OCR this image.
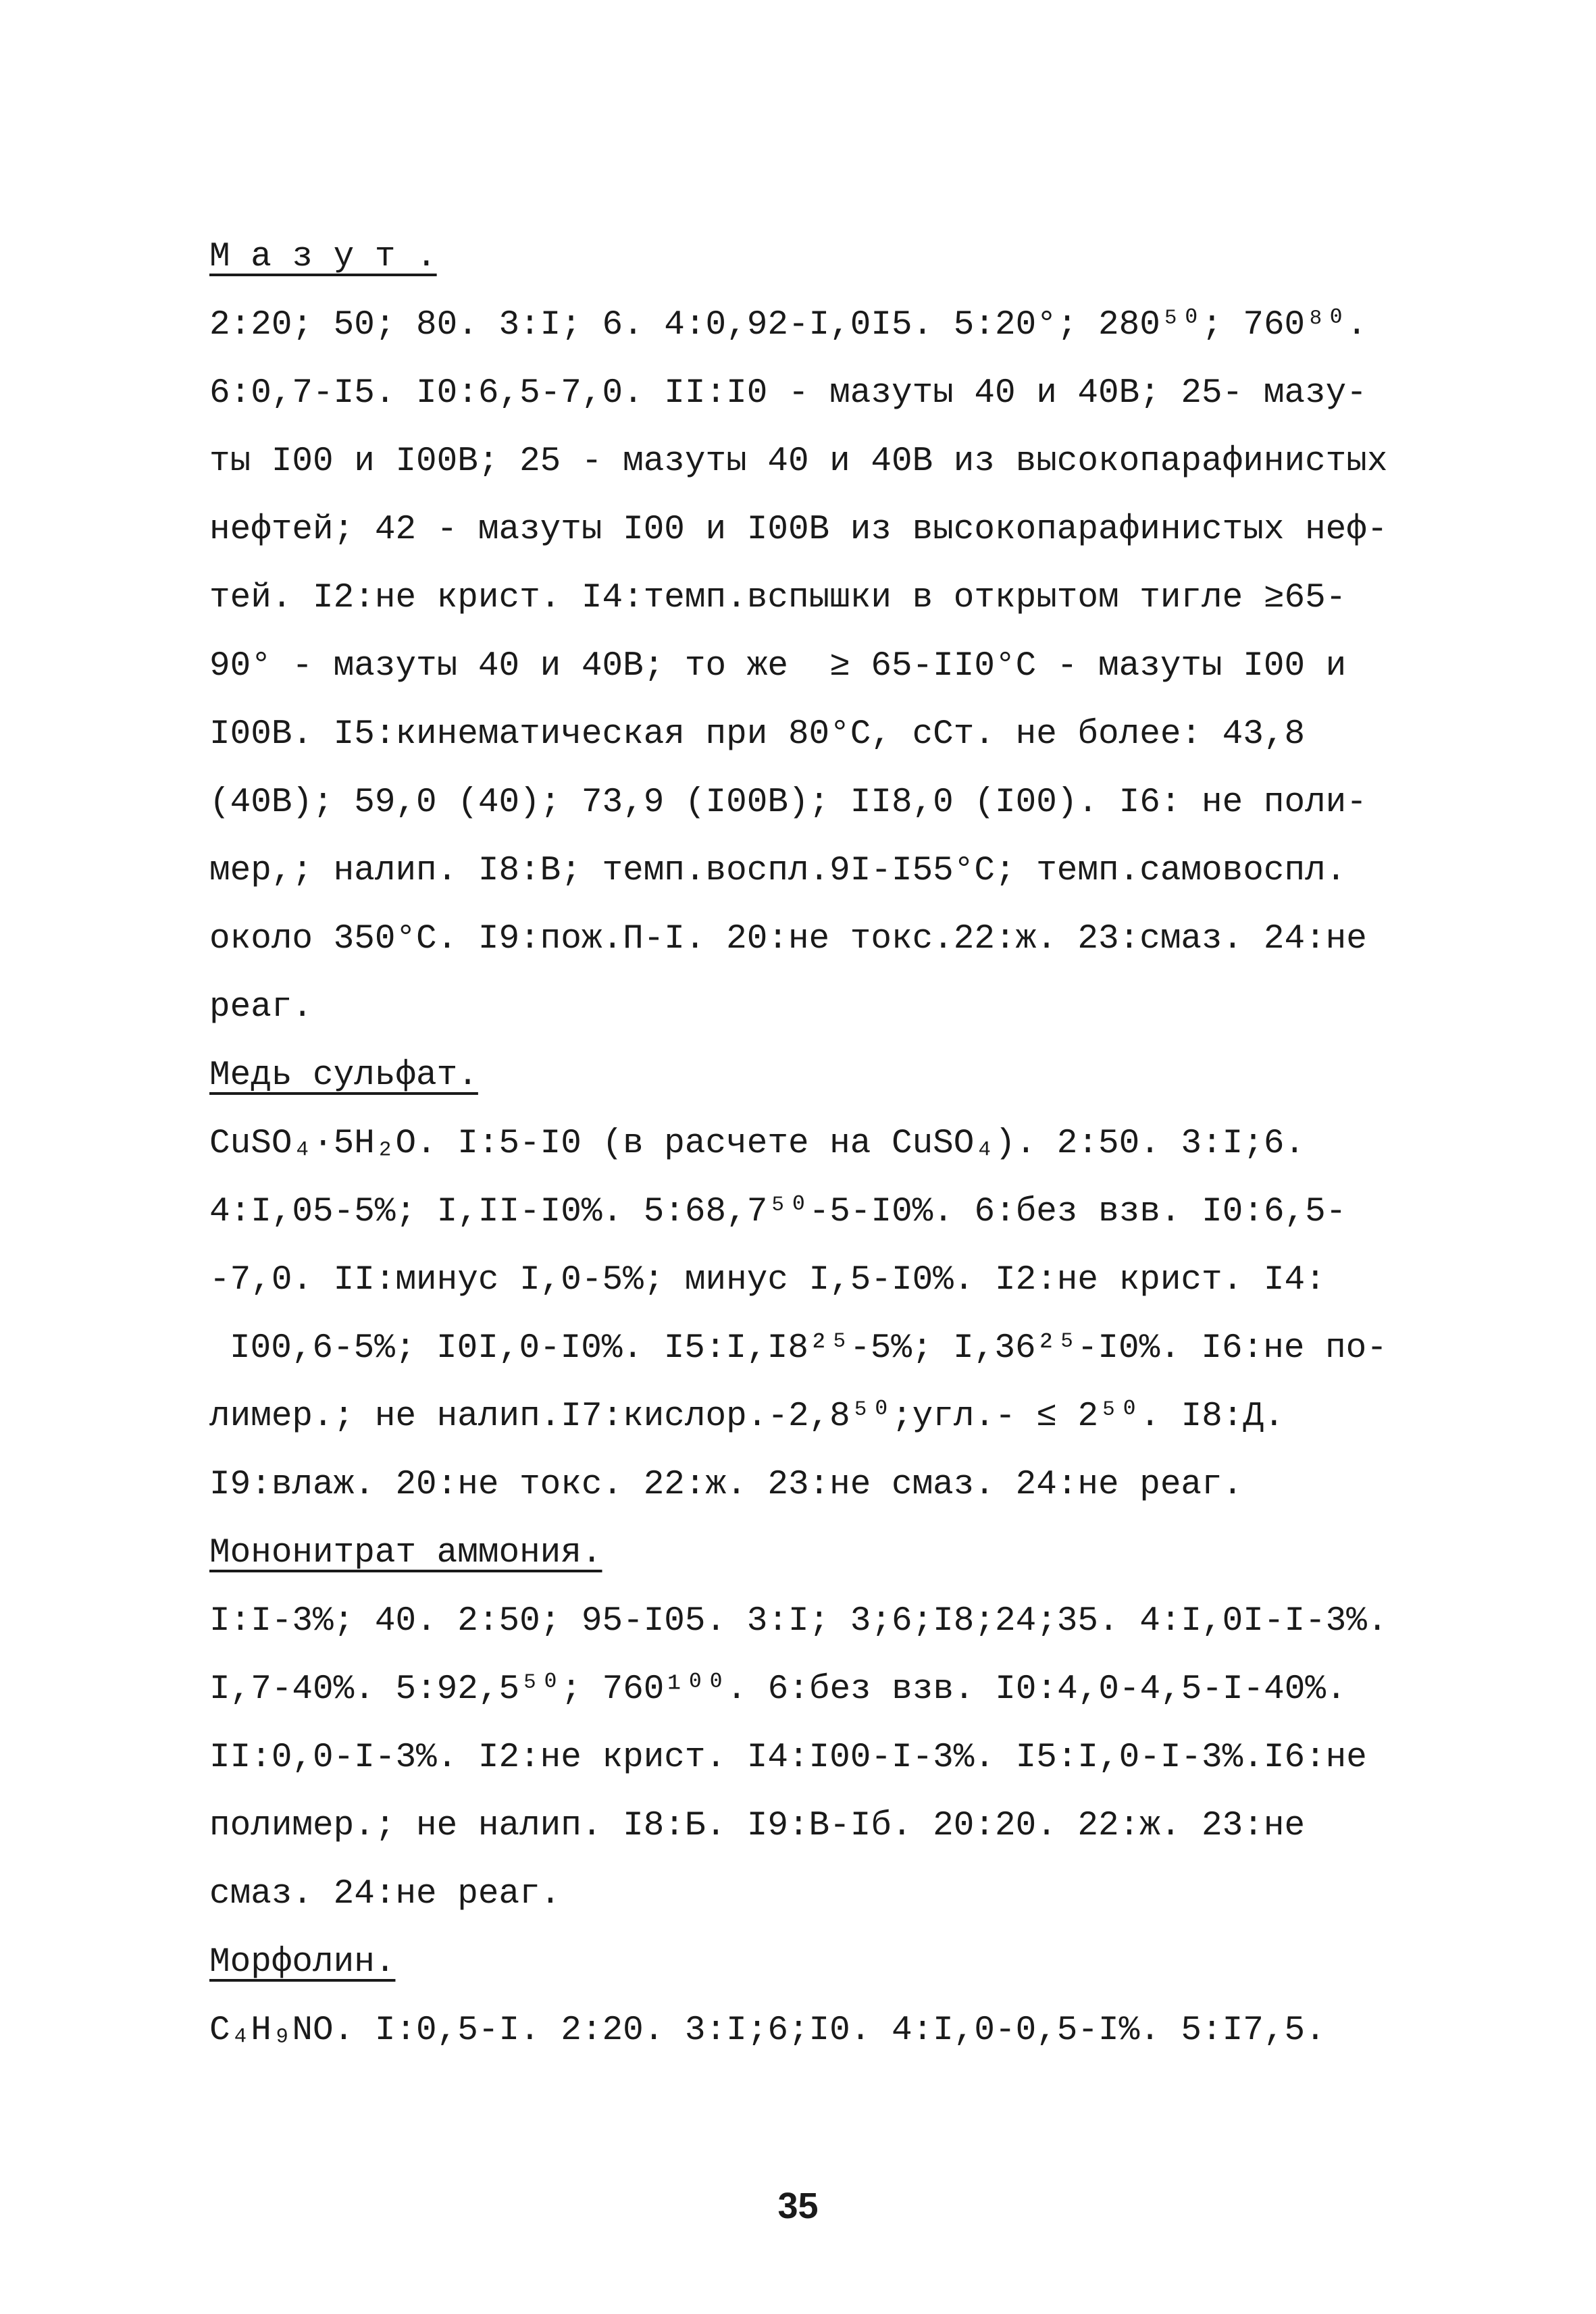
М а з у т .
2:20; 50; 80. 3:I; 6. 4:0,92-I,0I5. 5:20°; 280⁵⁰; 760⁸⁰.
6:0,7-I5. I0:6,5-7,0. II:I0 - мазуты 40 и 40В; 25- мазу-
ты I00 и I00В; 25 - мазуты 40 и 40В из высокопарафинистых
нефтей; 42 - мазуты I00 и I00В из высокопарафинистых неф-
тей. I2:не крист. I4:темп.вспышки в открытом тигле ≥65-
90° - мазуты 40 и 40В; то же  ≥ 65-II0°С - мазуты I00 и
I00В. I5:кинематическая при 80°С, сСт. не более: 43,8
(40В); 59,0 (40); 73,9 (I00В); II8,0 (I00). I6: не поли-
мер,; налип. I8:В; темп.воспл.9I-I55°С; темп.самовоспл.
около 350°С. I9:пож.П-I. 20:не токс.22:ж. 23:смаз. 24:не
реаг.
Медь сульфат.
CuSO₄·5H₂O. I:5-I0 (в расчете на CuSO₄). 2:50. 3:I;6.
4:I,05-5%; I,II-I0%. 5:68,7⁵⁰-5-I0%. 6:без взв. I0:6,5-
-7,0. II:минус I,0-5%; минус I,5-I0%. I2:не крист. I4:
I00,6-5%; I0I,0-I0%. I5:I,I8²⁵-5%; I,36²⁵-I0%. I6:не по-
лимер.; не налип.I7:кислор.-2,8⁵⁰;угл.- ≤ 2⁵⁰. I8:Д.
I9:влаж. 20:не токс. 22:ж. 23:не смаз. 24:не реаг.
Мононитрат аммония.
I:I-3%; 40. 2:50; 95-I05. 3:I; 3;6;I8;24;35. 4:I,0I-I-3%.
I,7-40%. 5:92,5⁵⁰; 760¹⁰⁰. 6:без взв. I0:4,0-4,5-I-40%.
II:0,0-I-3%. I2:не крист. I4:I00-I-3%. I5:I,0-I-3%.I6:не
полимер.; не налип. I8:Б. I9:В-Iб. 20:20. 22:ж. 23:не
смаз. 24:не реаг.
Морфолин.
C₄H₉NO. I:0,5-I. 2:20. 3:I;6;I0. 4:I,0-0,5-I%. 5:I7,5.
35
